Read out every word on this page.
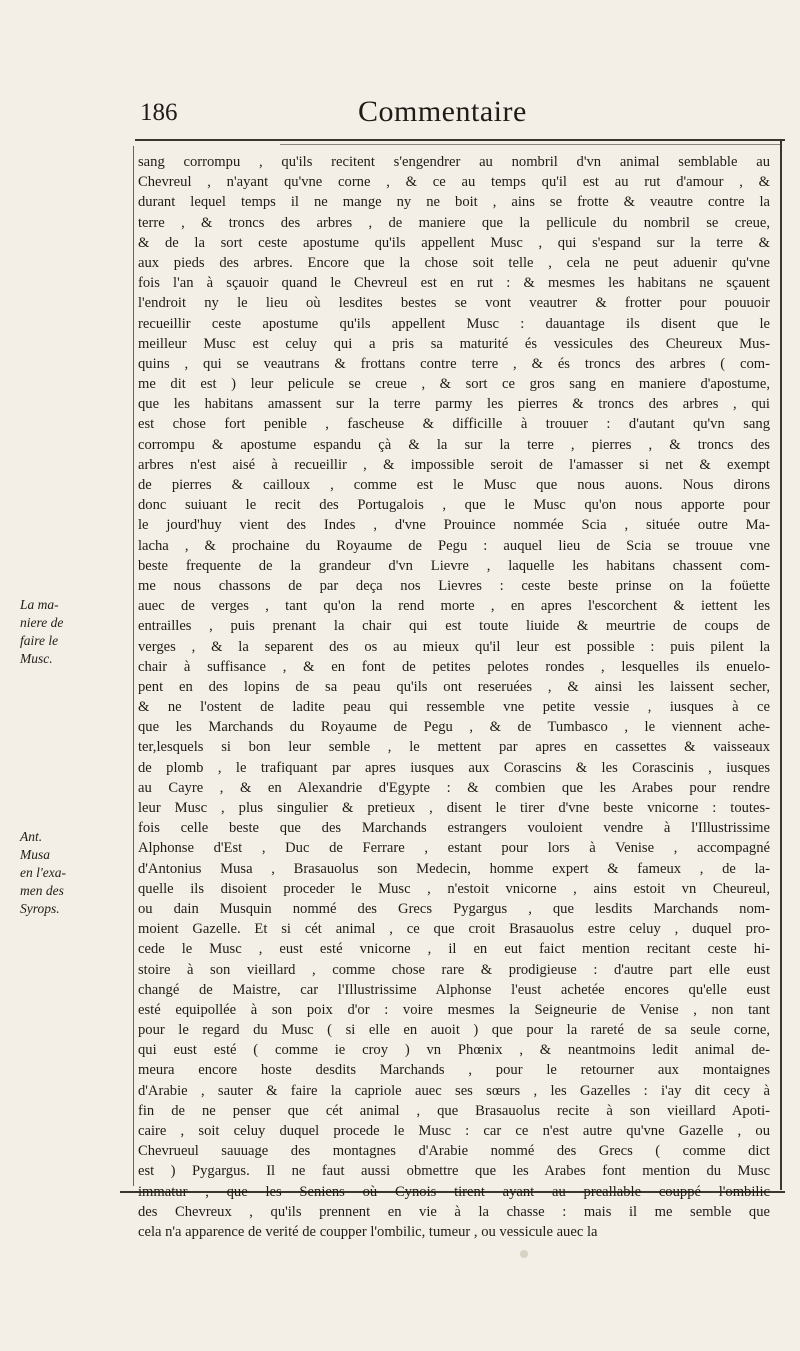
186	Commentaire
La ma-
niere de
faire le
Musc.
Ant.
Musa
en l'exa-
men des
Syrops.
sang corrompu , qu'ils recitent s'engendrer au nombril d'vn animal semblable au
Chevreul , n'ayant qu'vne corne , & ce au temps qu'il est au rut d'amour , &
durant lequel temps il ne mange ny ne boit , ains se frotte & veautre contre la
terre , & troncs des arbres , de maniere que la pellicule du nombril se creue,
& de la sort ceste apostume qu'ils appellent Musc , qui s'espand sur la terre &
aux pieds des arbres. Encore que la chose soit telle , cela ne peut aduenir qu'vne
fois l'an à sçauoir quand le Chevreul est en rut : & mesmes les habitans ne sçauent
l'endroit ny le lieu où lesdites bestes se vont veautrer & frotter pour pouuoir
recueillir ceste apostume qu'ils appellent Musc : dauantage ils disent que le
meilleur Musc est celuy qui a pris sa maturité és vessicules des Cheureux Mus-
quins , qui se veautrans & frottans contre terre , & és troncs des arbres ( com-
me dit est ) leur pelicule se creue , & sort ce gros sang en maniere d'apostume,
que les habitans amassent sur la terre parmy les pierres & troncs des arbres , qui
est chose fort penible , fascheuse & difficille à trouuer : d'autant qu'vn sang
corrompu & apostume espandu çà & la sur la terre , pierres , & troncs des
arbres n'est aisé à recueillir , & impossible seroit de l'amasser si net & exempt
de pierres & cailloux , comme est le Musc que nous auons. Nous dirons
donc suiuant le recit des Portugalois , que le Musc qu'on nous apporte pour
le jourd'huy vient des Indes , d'vne Prouince nommée Scia , située outre Ma-
lacha , & prochaine du Royaume de Pegu : auquel lieu de Scia se trouue vne
beste frequente de la grandeur d'vn Lievre , laquelle les habitans chassent com-
me nous chassons de par deça nos Lievres : ceste beste prinse on la foüette
auec de verges , tant qu'on la rend morte , en apres l'escorchent & iettent les
entrailles , puis prenant la chair qui est toute liuide & meurtrie de coups de
verges , & la separent des os au mieux qu'il leur est possible : puis pilent la
chair à suffisance , & en font de petites pelotes rondes , lesquelles ils enuelo-
pent en des lopins de sa peau qu'ils ont reseruées , & ainsi les laissent secher,
& ne l'ostent de ladite peau qui ressemble vne petite vessie , iusques à ce
que les Marchands du Royaume de Pegu , & de Tumbasco , le viennent ache-
ter,lesquels si bon leur semble , le mettent par apres en cassettes & vaisseaux
de plomb , le trafiquant par apres iusques aux Corascins & les Corascinis , iusques
au Cayre , & en Alexandrie d'Egypte : & combien que les Arabes pour rendre
leur Musc , plus singulier & pretieux , disent le tirer d'vne beste vnicorne : toutes-
fois celle beste que des Marchands estrangers vouloient vendre à l'Illustrissime
Alphonse d'Est , Duc de Ferrare , estant pour lors à Venise , accompagné
d'Antonius Musa , Brasauolus son Medecin, homme expert & fameux , de la-
quelle ils disoient proceder le Musc , n'estoit vnicorne , ains estoit vn Cheureul,
ou dain Musquin nommé des Grecs Pygargus , que lesdits Marchands nom-
moient Gazelle. Et si cét animal , ce que croit Brasauolus estre celuy , duquel pro-
cede le Musc , eust esté vnicorne , il en eut faict mention recitant ceste hi-
stoire à son vieillard , comme chose rare & prodigieuse : d'autre part elle eust
changé de Maistre, car l'Illustrissime Alphonse l'eust achetée encores qu'elle eust
esté equipollée à son poix d'or : voire mesmes la Seigneurie de Venise , non tant
pour le regard du Musc ( si elle en auoit ) que pour la rareté de sa seule corne,
qui eust esté ( comme ie croy ) vn Phœnix , & neantmoins ledit animal de-
meura encore hoste desdits Marchands , pour le retourner aux montaignes
d'Arabie , sauter & faire la capriole auec ses sœurs , les Gazelles : i'ay dit cecy à
fin de ne penser que cét animal , que Brasauolus recite à son vieillard Apoti-
caire , soit celuy duquel procede le Musc : car ce n'est autre qu'vne Gazelle , ou
Chevrueul sauuage des montagnes d'Arabie nommé des Grecs ( comme dict
est ) Pygargus. Il ne faut aussi obmettre que les Arabes font mention du Musc
immatur , que les Seniens où Cynois tirent ayant au preallable couppé l'ombilic
des Chevreux , qu'ils prennent en vie à la chasse : mais il me semble que
cela n'a apparence de verité de coupper l'ombilic, tumeur , ou vessicule auec la
